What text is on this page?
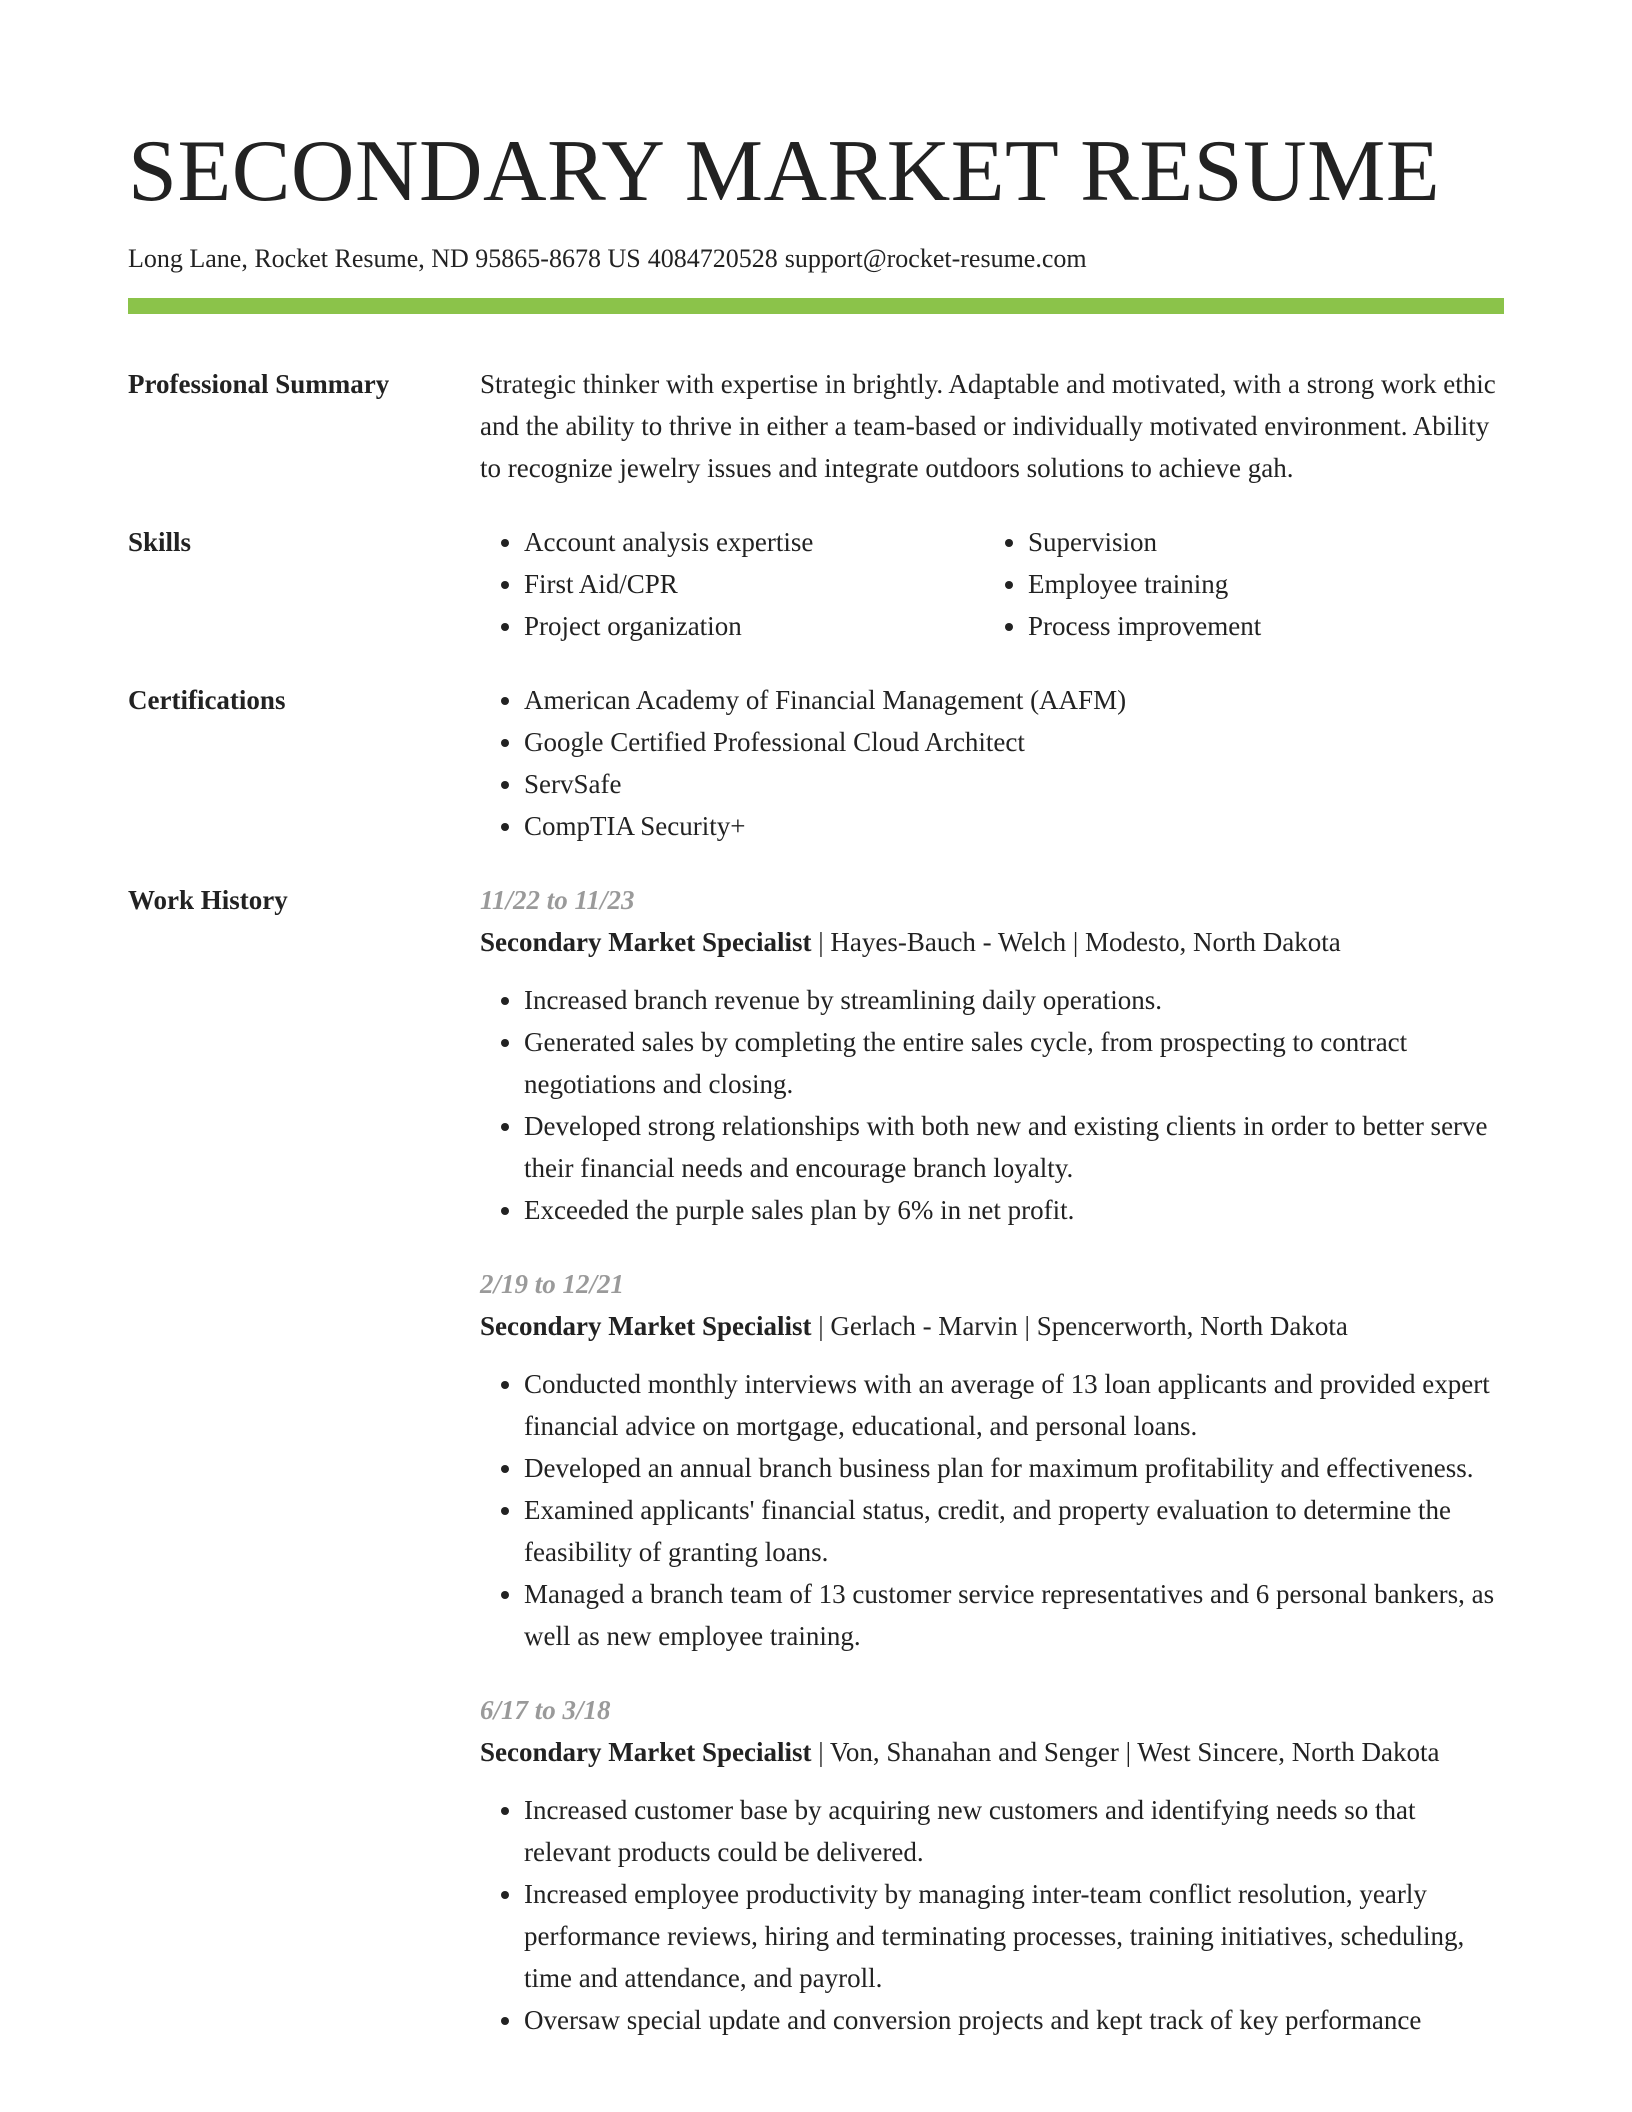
SECONDARY MARKET RESUME
Long Lane, Rocket Resume, ND 95865-8678 US 4084720528 support@rocket-resume.com
Professional Summary	Strategic thinker with expertise in brightly. Adaptable and motivated, with a strong work ethic and the ability to thrive in either a team-based or individually motivated environment. Ability to recognize jewelry issues and integrate outdoors solutions to achieve gah.

Skills	• Account analysis expertise
• First Aid/CPR
• Project organization
• Supervision
• Employee training
• Process improvement
Certifications	• American Academy of Financial Management (AAFM)
• Google Certified Professional Cloud Architect
• ServSafe
• CompTIA Security+
Work History	11/22 to 11/23
Secondary Market Specialist | Hayes-Bauch - Welch | Modesto, North Dakota
• Increased branch revenue by streamlining daily operations.
• Generated sales by completing the entire sales cycle, from prospecting to contract negotiations and closing.
• Developed strong relationships with both new and existing clients in order to better serve their financial needs and encourage branch loyalty.
• Exceeded the purple sales plan by 6% in net profit.
2/19 to 12/21
Secondary Market Specialist | Gerlach - Marvin | Spencerworth, North Dakota
• Conducted monthly interviews with an average of 13 loan applicants and provided expert financial advice on mortgage, educational, and personal loans.
• Developed an annual branch business plan for maximum profitability and effectiveness.
• Examined applicants' financial status, credit, and property evaluation to determine the feasibility of granting loans.
• Managed a branch team of 13 customer service representatives and 6 personal bankers, as well as new employee training.
6/17 to 3/18
Secondary Market Specialist | Von, Shanahan and Senger | West Sincere, North Dakota
• Increased customer base by acquiring new customers and identifying needs so that relevant products could be delivered.
• Increased employee productivity by managing inter-team conflict resolution, yearly performance reviews, hiring and terminating processes, training initiatives, scheduling, time and attendance, and payroll.
• Oversaw special update and conversion projects and kept track of key performance
